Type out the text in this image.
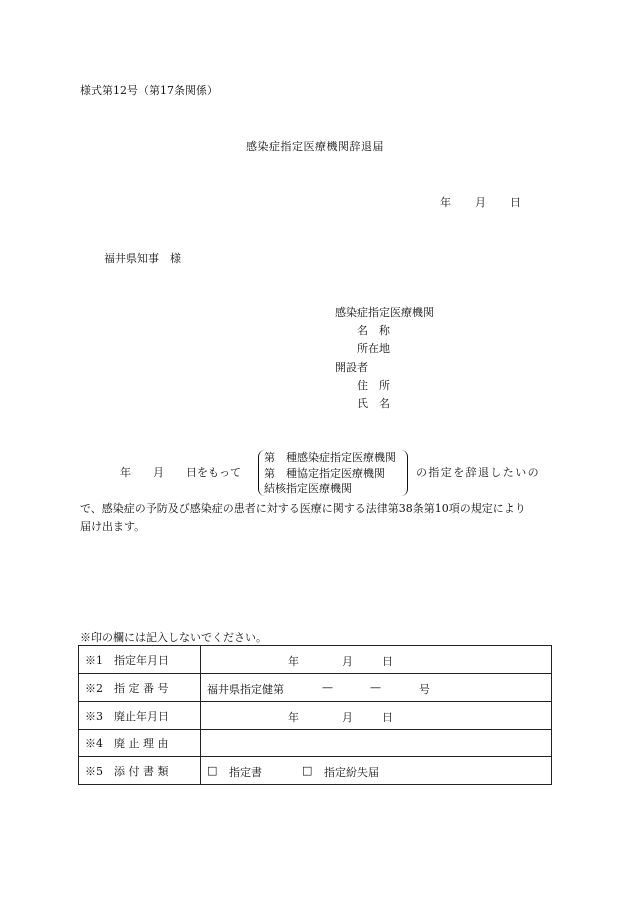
様式第12号（第17条関係）
感染症指定医療機関辞退届
年 月 日
福井県知事　様
感染症指定医療機関
名　称
所在地
開設者
住　所
氏　名
年 月 日をもって
第　種感染症指定医療機関
第　種協定指定医療機関
結核指定医療機関
の指定を辞退したいの
で、感染症の予防及び感染症の患者に対する医療に関する法律第38条第10項の規定により
届け出ます。
※印の欄には記入しないでください。
※1　指定年月日	年 月 日

※2　指 定 番 号	福井県指定健第 — — 号

※3　廃止年月日	年 月 日

※4　廃 止 理 由	
※5　添 付 書 類	□ 指定書 □ 指定紛失届
